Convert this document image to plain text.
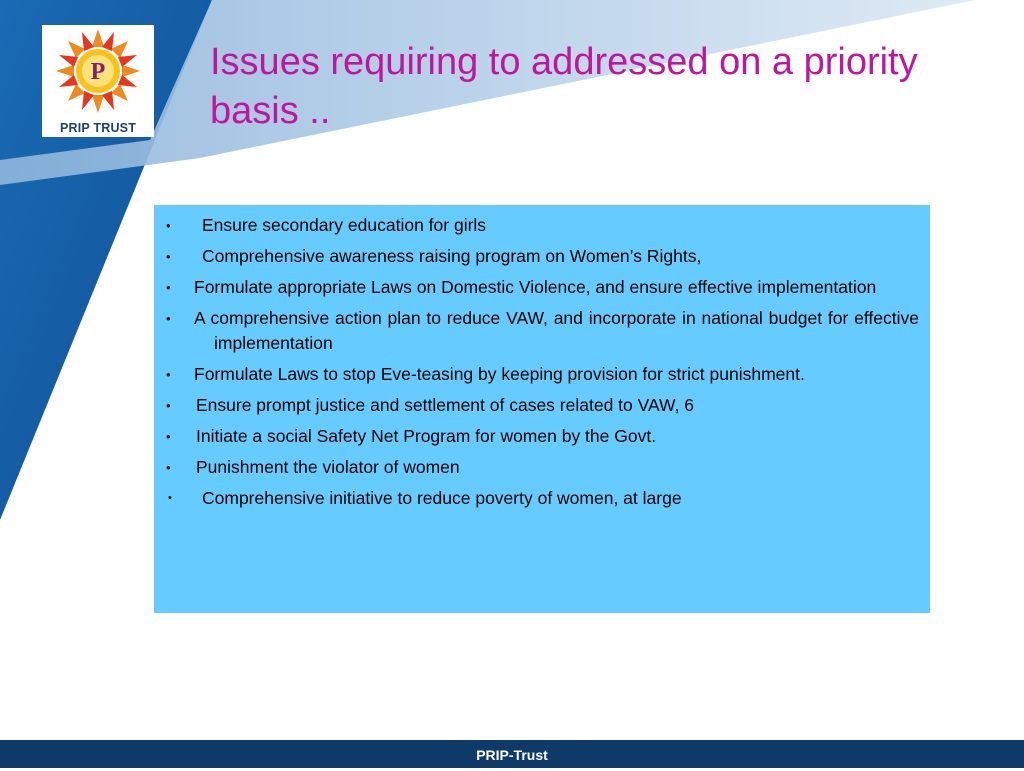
P
PRIP TRUST
Issues requiring to addressed on a priority basis ..
•	Ensure secondary education for girls
•	Comprehensive awareness raising program on Women’s Rights,
•	Formulate appropriate Laws on Domestic Violence, and ensure effective implementation
•	A comprehensive action plan to reduce VAW, and incorporate in national budget for effective implementation
•	Formulate Laws to stop Eve-teasing by keeping provision for strict punishment.
•	Ensure prompt justice and settlement of cases related to VAW, 6
•	Initiate a social Safety Net Program for women by the Govt.
•	Punishment the violator of women
•	Comprehensive initiative to reduce poverty of women, at large
PRIP-Trust
